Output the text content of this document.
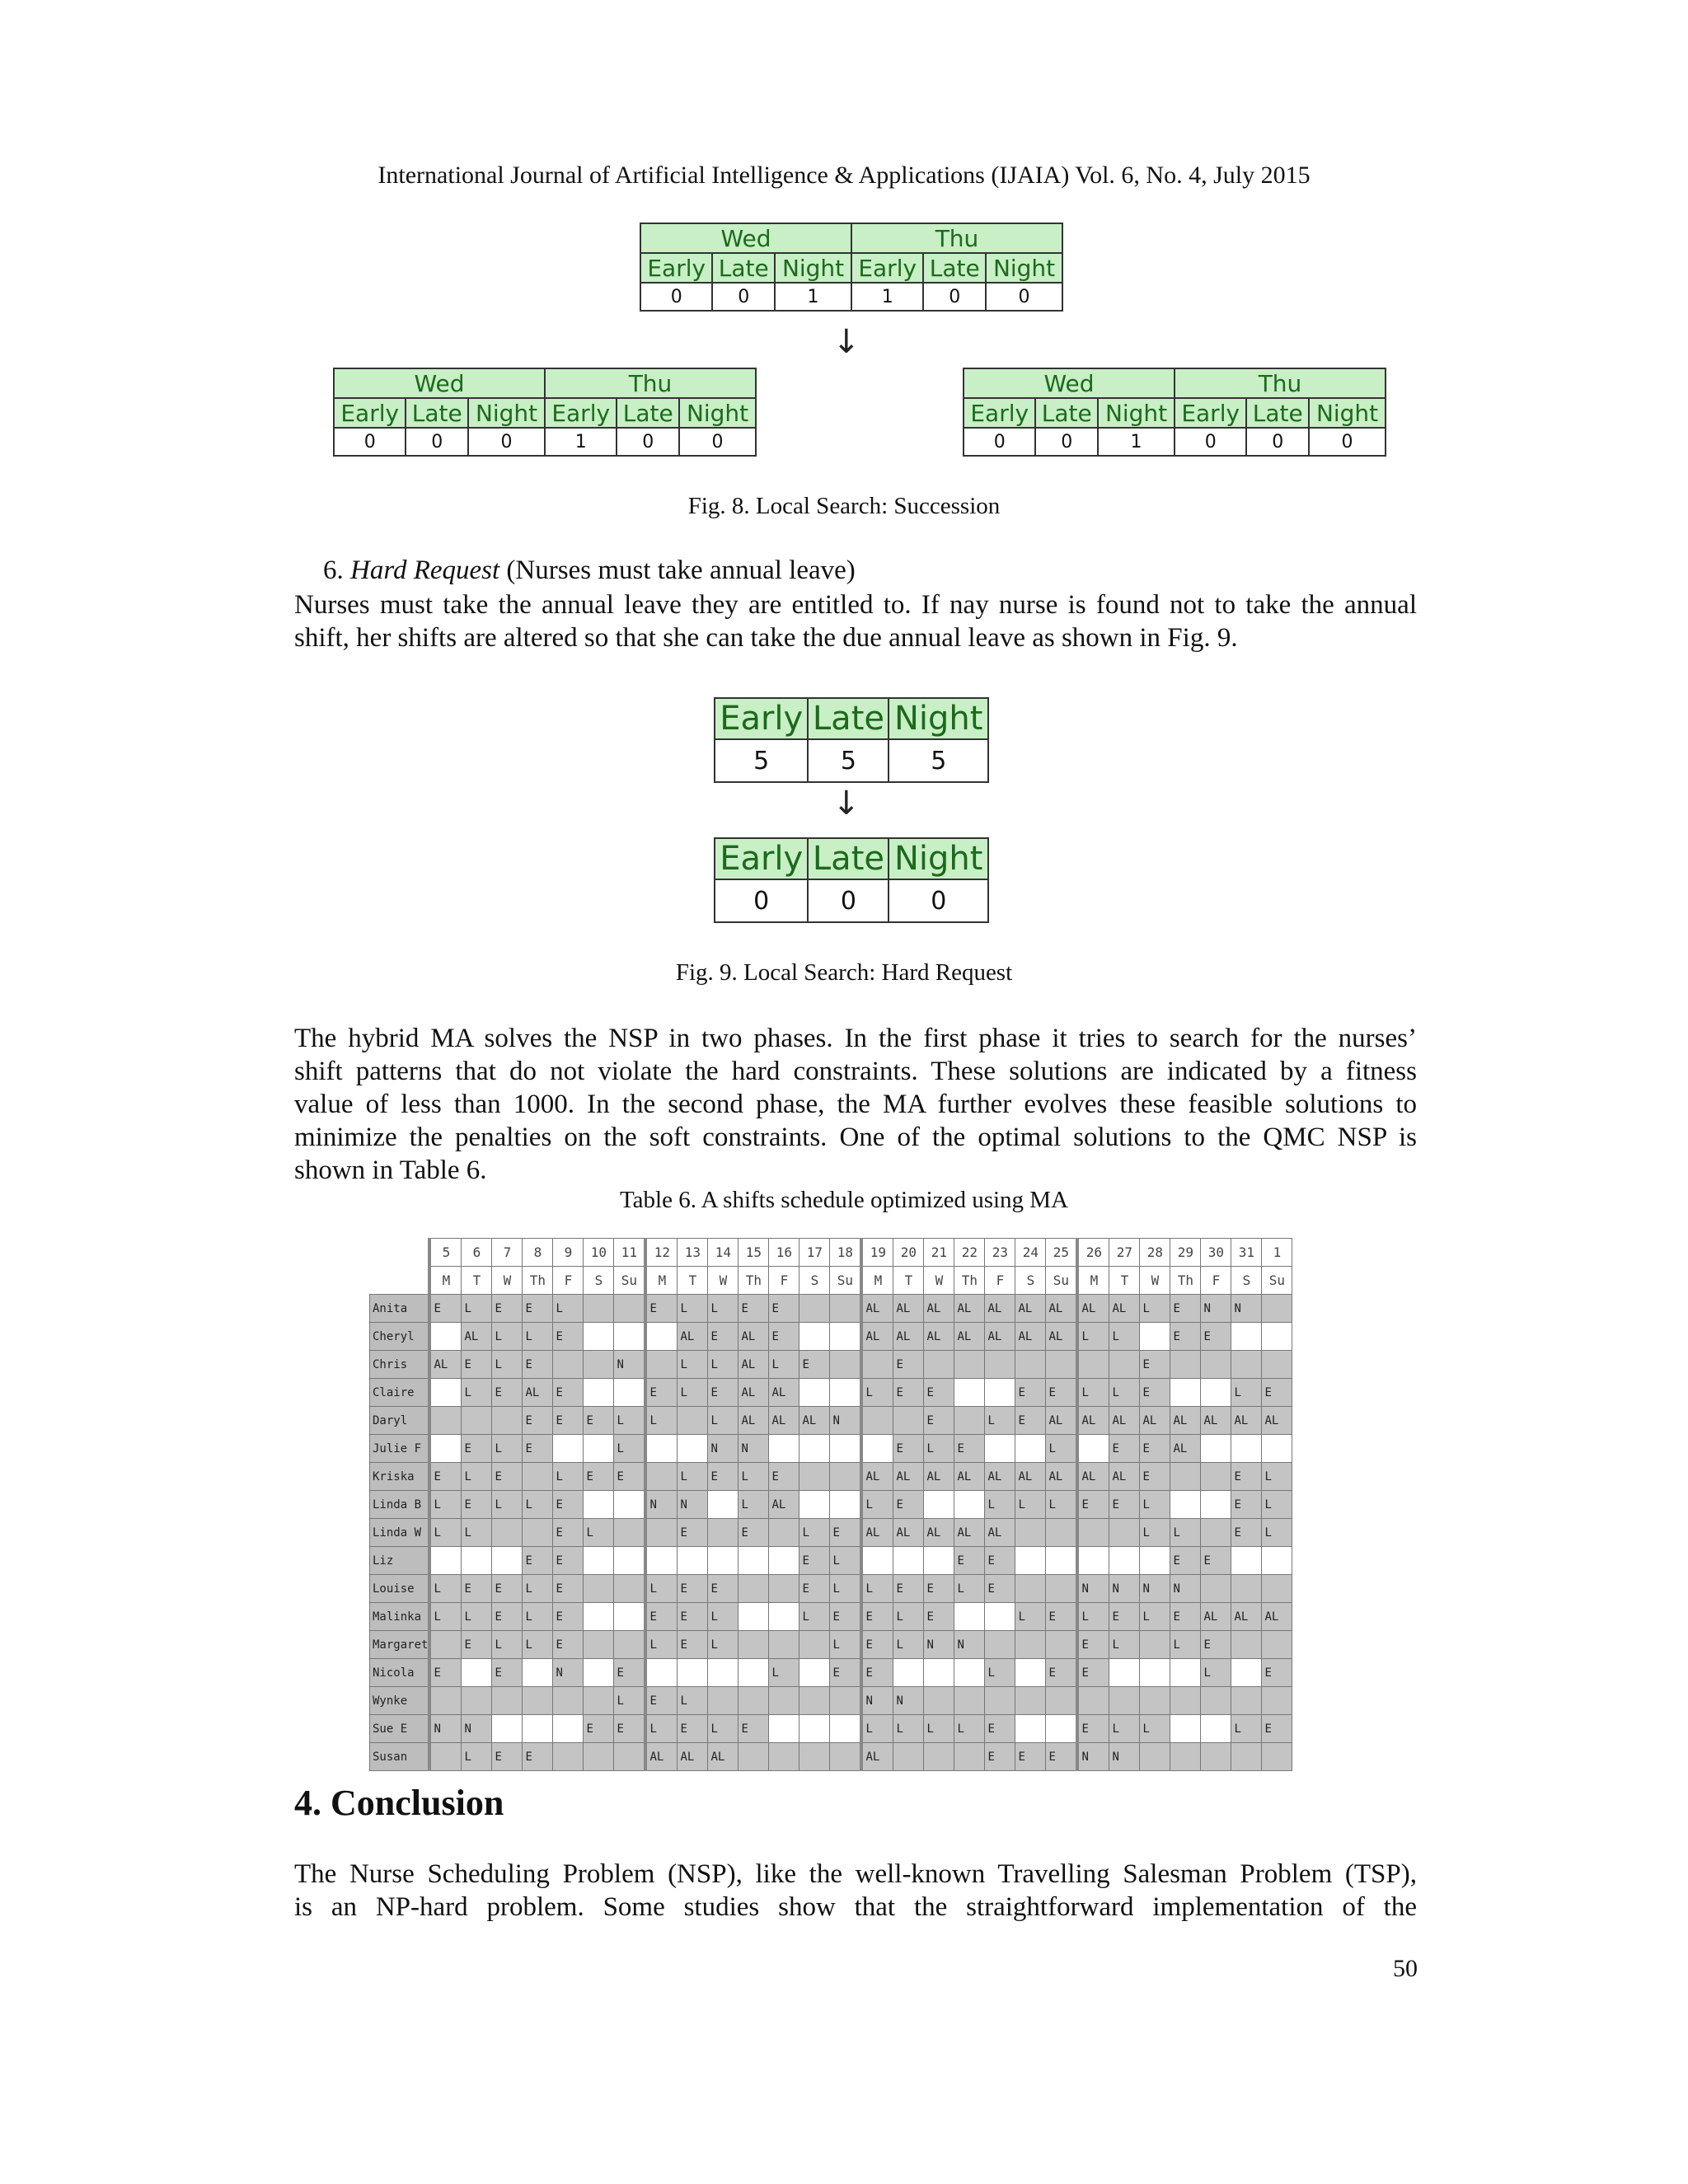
International Journal of Artificial Intelligence & Applications (IJAIA) Vol. 6, No. 4, July 2015
Wed			Thu		
Early	Late	Night	Early	Late	Night
0	0	1	1	0	0
↓
Wed			Thu		
Early	Late	Night	Early	Late	Night
0	0	0	1	0	0
Wed			Thu		
Early	Late	Night	Early	Late	Night
0	0	1	0	0	0
Fig. 8. Local Search: Succession
6. Hard Request (Nurses must take annual leave)
Nurses must take the annual leave they are entitled to. If nay nurse is found not to take the annual
shift, her shifts are altered so that she can take the due annual leave as shown in Fig. 9.
Early	Late	Night
5	5	5
↓
Early	Late	Night
0	0	0
Fig. 9. Local Search: Hard Request
The hybrid MA solves the NSP in two phases. In the first phase it tries to search for the nurses’
shift patterns that do not violate the hard constraints. These solutions are indicated by a fitness
value of less than 1000. In the second phase, the MA further evolves these feasible solutions to
minimize the penalties on the soft constraints. One of the optimal solutions to the QMC NSP is
shown in Table 6.
Table 6. A shifts schedule optimized using MA
	5	6	7	8	9	10	11	12	13	14	15	16	17	18	19	20	21	22	23	24	25	26	27	28	29	30	31	1
	M	T	W	Th	F	S	Su	M	T	W	Th	F	S	Su	M	T	W	Th	F	S	Su	M	T	W	Th	F	S	Su
Anita	E	L	E	E	L			E	L	L	E	E			AL	AL	AL	AL	AL	AL	AL	AL	AL	L	E	N	N	
Cheryl		AL	L	L	E				AL	E	AL	E			AL	AL	AL	AL	AL	AL	AL	L	L		E	E		
Chris	AL	E	L	E			N		L	L	AL	L	E			E								E				
Claire		L	E	AL	E			E	L	E	AL	AL			L	E	E			E	E	L	L	E			L	E
Daryl				E	E	E	L	L		L	AL	AL	AL	N			E		L	E	AL	AL	AL	AL	AL	AL	AL	AL
Julie F		E	L	E			L			N	N					E	L	E			L		E	E	AL			
Kriska	E	L	E		L	E	E		L	E	L	E			AL	AL	AL	AL	AL	AL	AL	AL	AL	E			E	L
Linda B	L	E	L	L	E			N	N		L	AL			L	E			L	L	L	E	E	L			E	L
Linda W	L	L			E	L			E		E		L	E	AL	AL	AL	AL	AL					L	L		E	L
Liz				E	E								E	L				E	E						E	E		
Louise	L	E	E	L	E			L	E	E			E	L	L	E	E	L	E			N	N	N	N			
Malinka	L	L	E	L	E			E	E	L			L	E	E	L	E			L	E	L	E	L	E	AL	AL	AL
Margaret		E	L	L	E			L	E	L				L	E	L	N	N				E	L		L	E		
Nicola	E		E		N		E					L		E	E				L		E	E				L		E
Wynke							L	E	L						N	N												
Sue E	N	N				E	E	L	E	L	E				L	L	L	L	E			E	L	L			L	E
Susan		L	E	E				AL	AL	AL					AL				E	E	E	N	N					
4. Conclusion
The Nurse Scheduling Problem (NSP), like the well-known Travelling Salesman Problem (TSP),
is an NP-hard problem. Some studies show that the straightforward implementation of the
50
